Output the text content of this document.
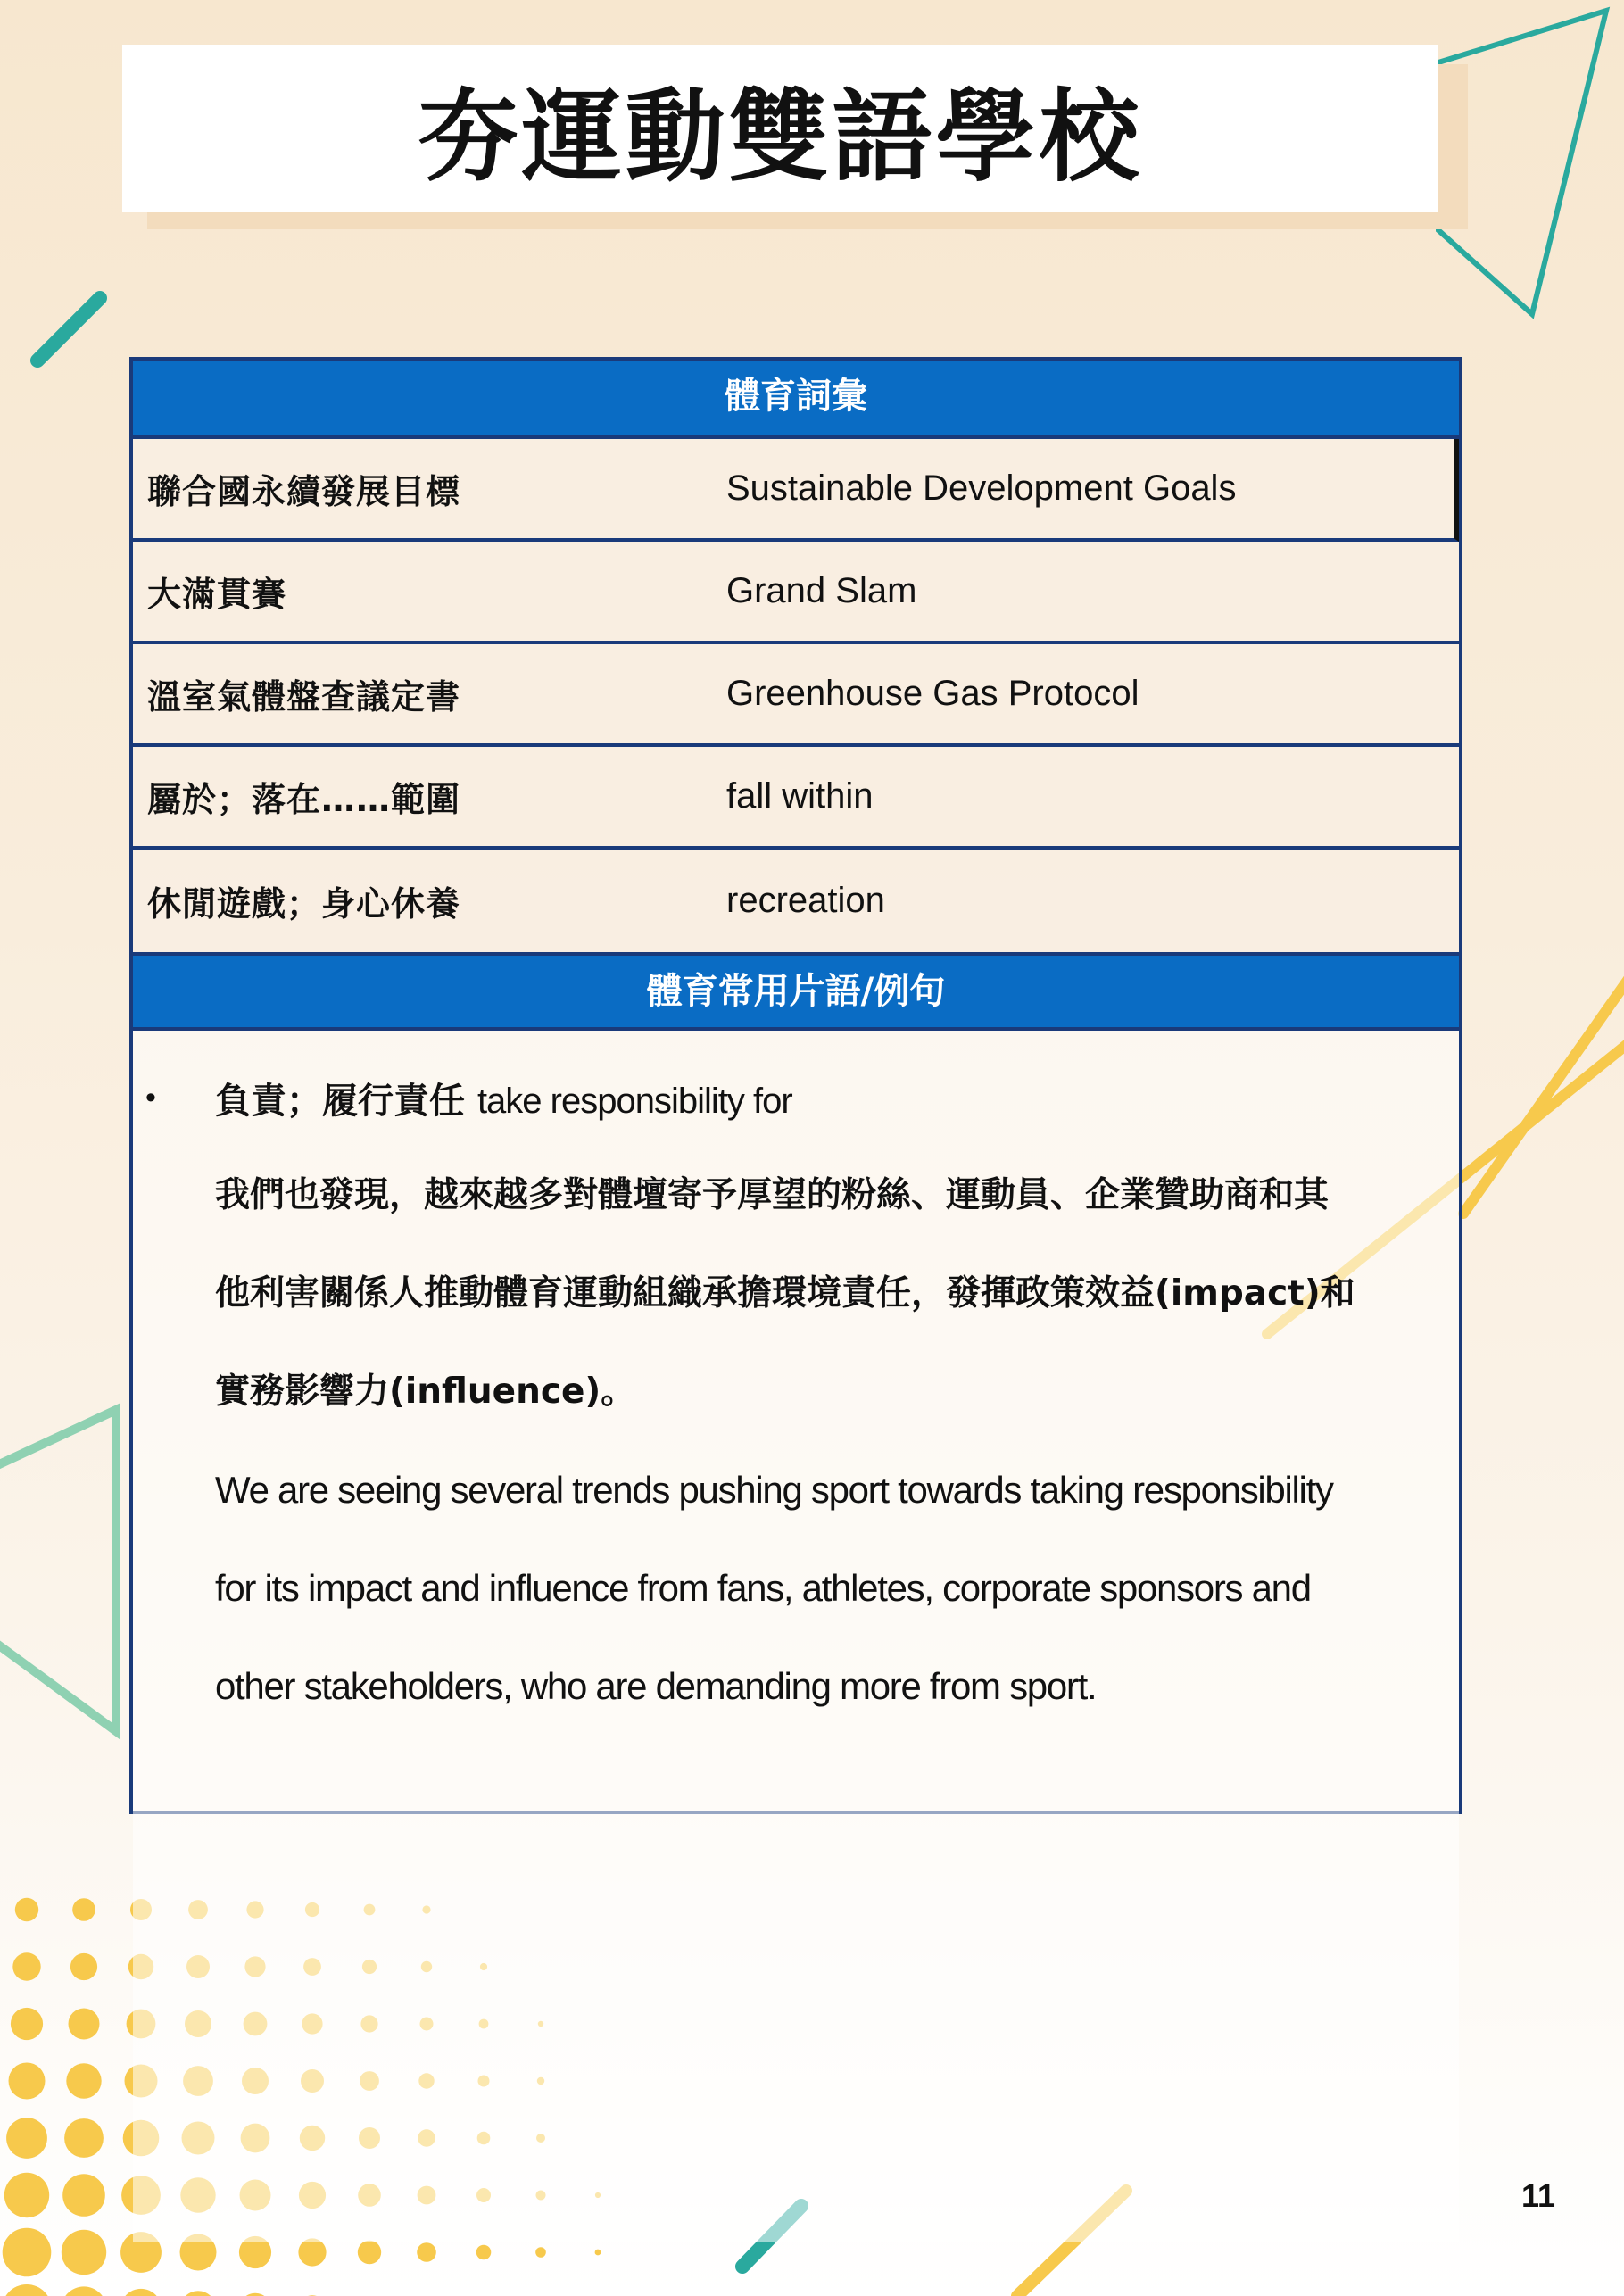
夯運動雙語學校
體育詞彙
聯合國永續發展目標	Sustainable Development Goals
大滿貫賽	Grand Slam
溫室氣體盤查議定書	Greenhouse Gas Protocol
屬於；落在……範圍	fall within
休閒遊戲；身心休養	recreation
體育常用片語/例句
• 負責；履行責任 take responsibility for
我們也發現，越來越多對體壇寄予厚望的粉絲、運動員、企業贊助商和其
他利害關係人推動體育運動組織承擔環境責任，發揮政策效益(impact)和
實務影響力(influence)。
We are seeing several trends pushing sport towards taking responsibility
for its impact and influence from fans, athletes, corporate sponsors and
other stakeholders, who are demanding more from sport.
11
